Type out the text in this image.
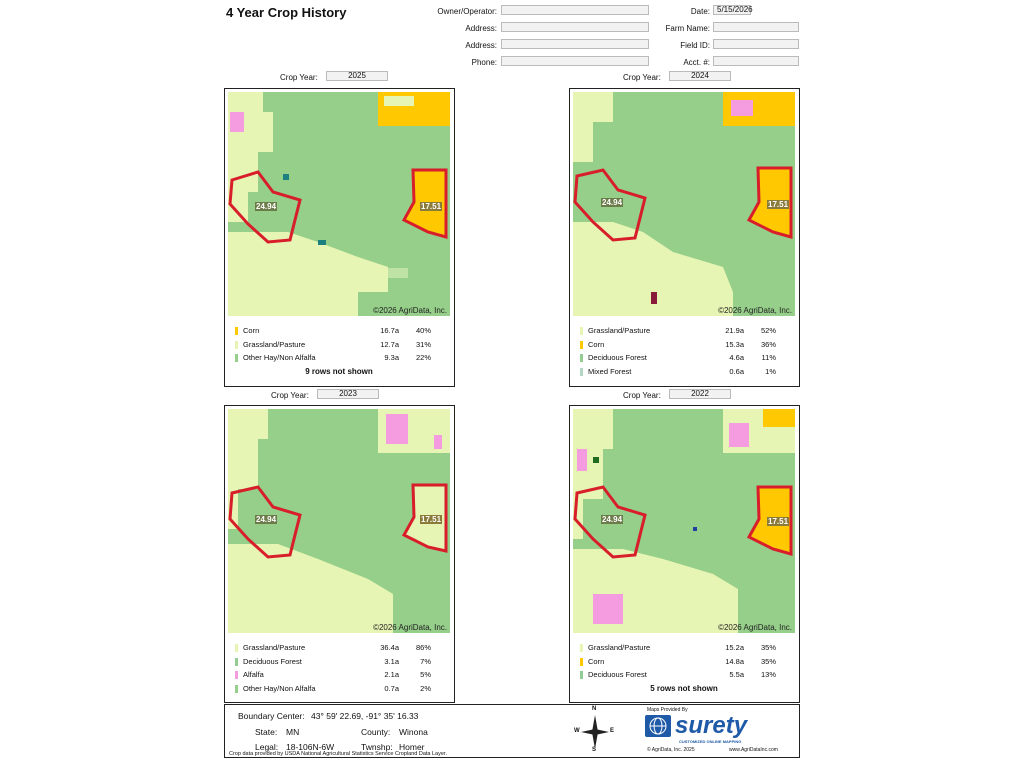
4 Year Crop History	Owner/Operator:
Address:
Address:
Phone:
Date: 5/15/2026
Farm Name:
Field ID:
Acct. #:
Crop Year:	2025	Crop Year:	2024
Crop Year:	2023	Crop Year:	2022
24.94	17.51
©2026 AgriData, Inc.
Corn	16.7a	40%
Grassland/Pasture	12.7a	31%
Other Hay/Non Alfalfa	9.3a	22%
9 rows not shown
24.94	17.51
©2026 AgriData, Inc.
Grassland/Pasture	21.9a	52%
Corn	15.3a	36%
Deciduous Forest	4.6a	11%
Mixed Forest	0.6a	1%
24.94	17.51
©2026 AgriData, Inc.
Grassland/Pasture	36.4a	86%
Deciduous Forest	3.1a	7%
Alfalfa	2.1a	5%
Other Hay/Non Alfalfa	0.7a	2%
24.94	17.51
©2026 AgriData, Inc.
Grassland/Pasture	15.2a	35%
Corn	14.8a	35%
Deciduous Forest	5.5a	13%
5 rows not shown
Boundary Center: 43° 59' 22.69, -91° 35' 16.33
State: MN	County: Winona
Legal: 18-106N-6W	Twnshp: Homer
Crop data provided by USDA National Agricultural Statistics Service Cropland Data Layer.
N
S
E
W
Maps Provided By
surety
CUSTOMIZED ONLINE MAPPING
© AgriData, Inc. 2025	www.AgriDataInc.com
